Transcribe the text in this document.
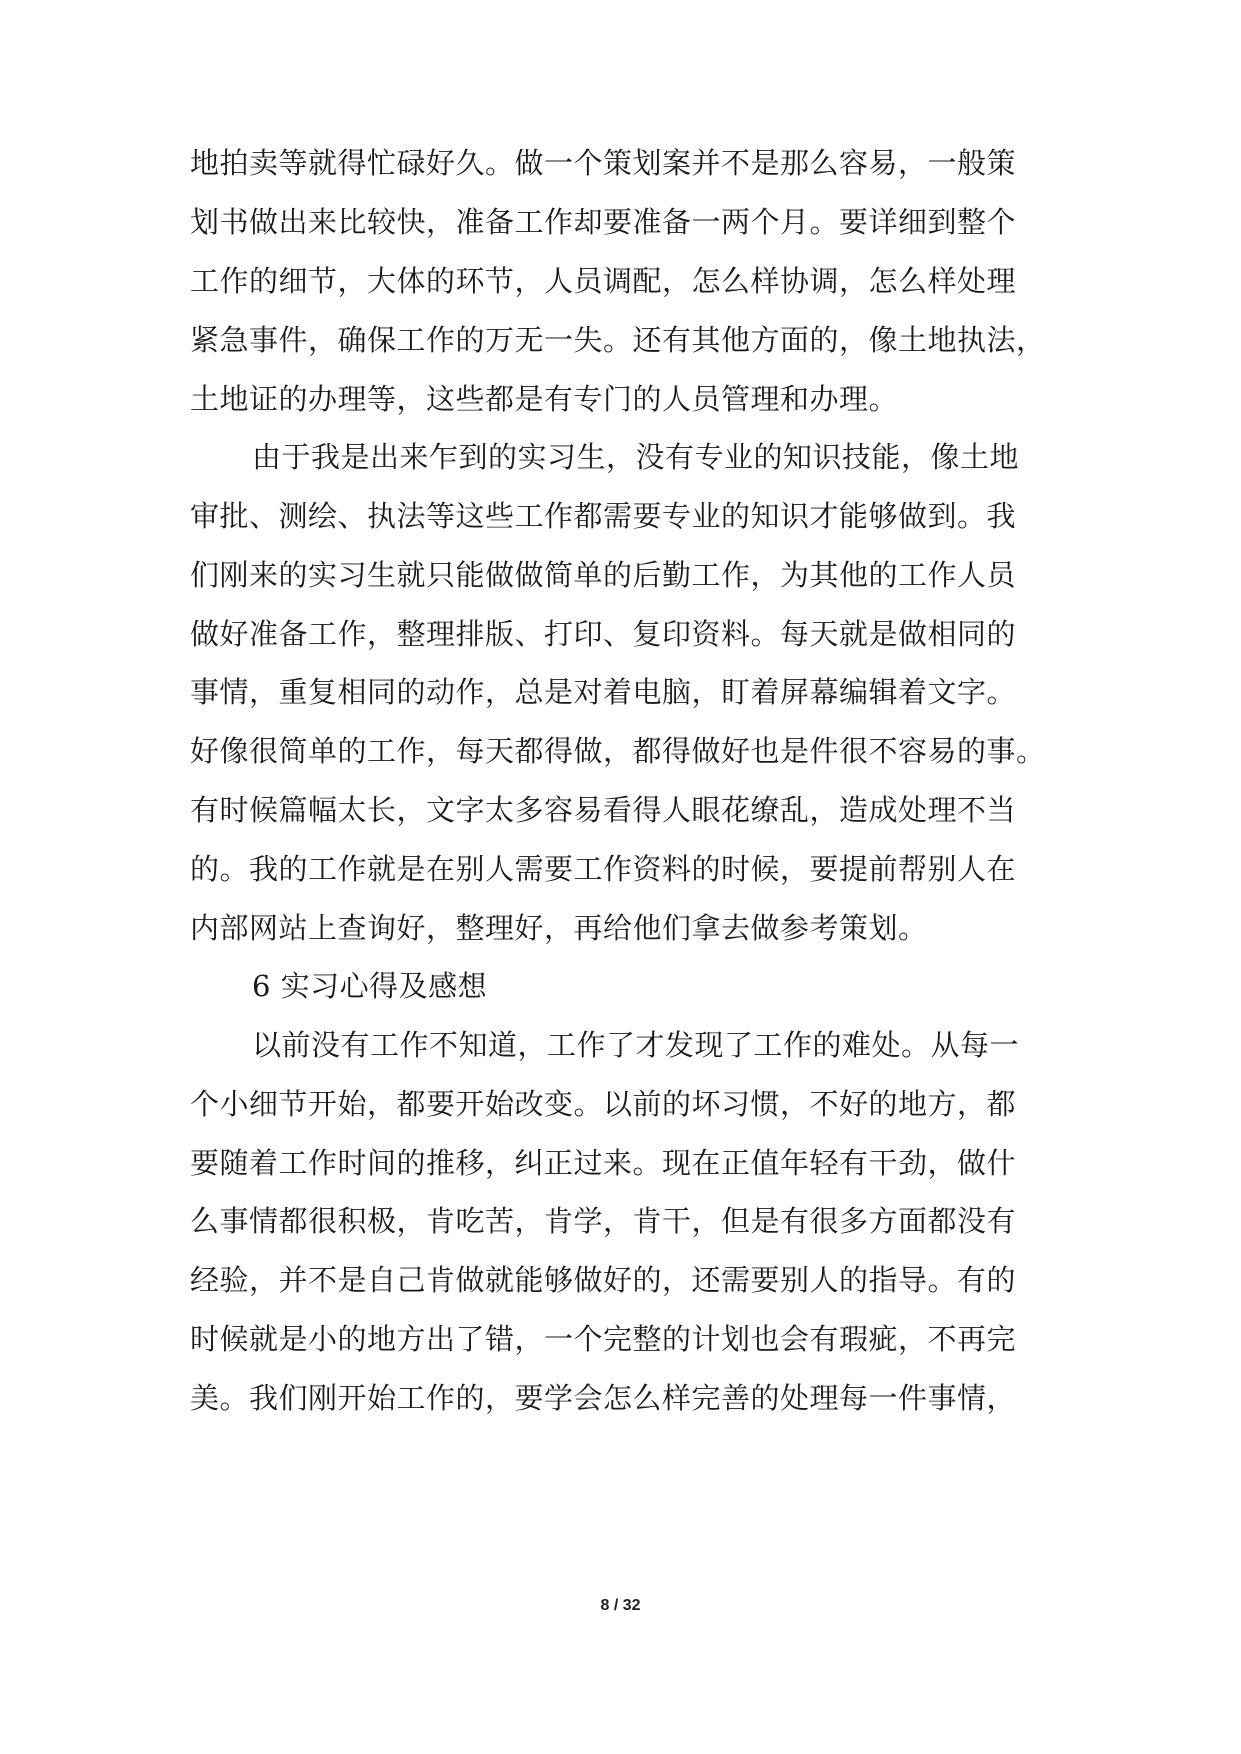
地拍卖等就得忙碌好久。做一个策划案并不是那么容易，一般策
划书做出来比较快，准备工作却要准备一两个月。要详细到整个
工作的细节，大体的环节，人员调配，怎么样协调，怎么样处理
紧急事件，确保工作的万无一失。还有其他方面的，像土地执法，
土地证的办理等，这些都是有专门的人员管理和办理。
由于我是出来乍到的实习生，没有专业的知识技能，像土地
审批、测绘、执法等这些工作都需要专业的知识才能够做到。我
们刚来的实习生就只能做做简单的后勤工作，为其他的工作人员
做好准备工作，整理排版、打印、复印资料。每天就是做相同的
事情，重复相同的动作，总是对着电脑，盯着屏幕编辑着文字。
好像很简单的工作，每天都得做，都得做好也是件很不容易的事。
有时候篇幅太长，文字太多容易看得人眼花缭乱，造成处理不当
的。我的工作就是在别人需要工作资料的时候，要提前帮别人在
内部网站上查询好，整理好，再给他们拿去做参考策划。
6 实习心得及感想
以前没有工作不知道，工作了才发现了工作的难处。从每一
个小细节开始，都要开始改变。以前的坏习惯，不好的地方，都
要随着工作时间的推移，纠正过来。现在正值年轻有干劲，做什
么事情都很积极，肯吃苦，肯学，肯干，但是有很多方面都没有
经验，并不是自己肯做就能够做好的，还需要别人的指导。有的
时候就是小的地方出了错，一个完整的计划也会有瑕疵，不再完
美。我们刚开始工作的，要学会怎么样完善的处理每一件事情，
8 / 32
